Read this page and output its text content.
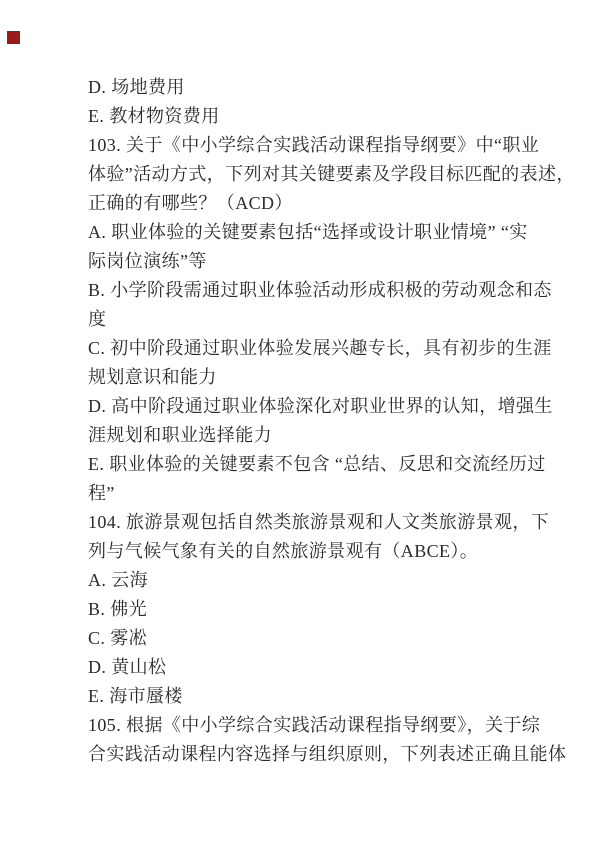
D. 场地费用
E. 教材物资费用
103. 关于《中小学综合实践活动课程指导纲要》中“职业
体验”活动方式，下列对其关键要素及学段目标匹配的表述，
正确的有哪些？（ACD）
A. 职业体验的关键要素包括“选择或设计职业情境” “实
际岗位演练”等
B. 小学阶段需通过职业体验活动形成积极的劳动观念和态
度
C. 初中阶段通过职业体验发展兴趣专长，具有初步的生涯
规划意识和能力
D. 高中阶段通过职业体验深化对职业世界的认知，增强生
涯规划和职业选择能力
E. 职业体验的关键要素不包含 “总结、反思和交流经历过
程”
104. 旅游景观包括自然类旅游景观和人文类旅游景观，下
列与气候气象有关的自然旅游景观有（ABCE）。
A. 云海
B. 佛光
C. 雾凇
D. 黄山松
E. 海市蜃楼
105. 根据《中小学综合实践活动课程指导纲要》，关于综
合实践活动课程内容选择与组织原则，下列表述正确且能体
